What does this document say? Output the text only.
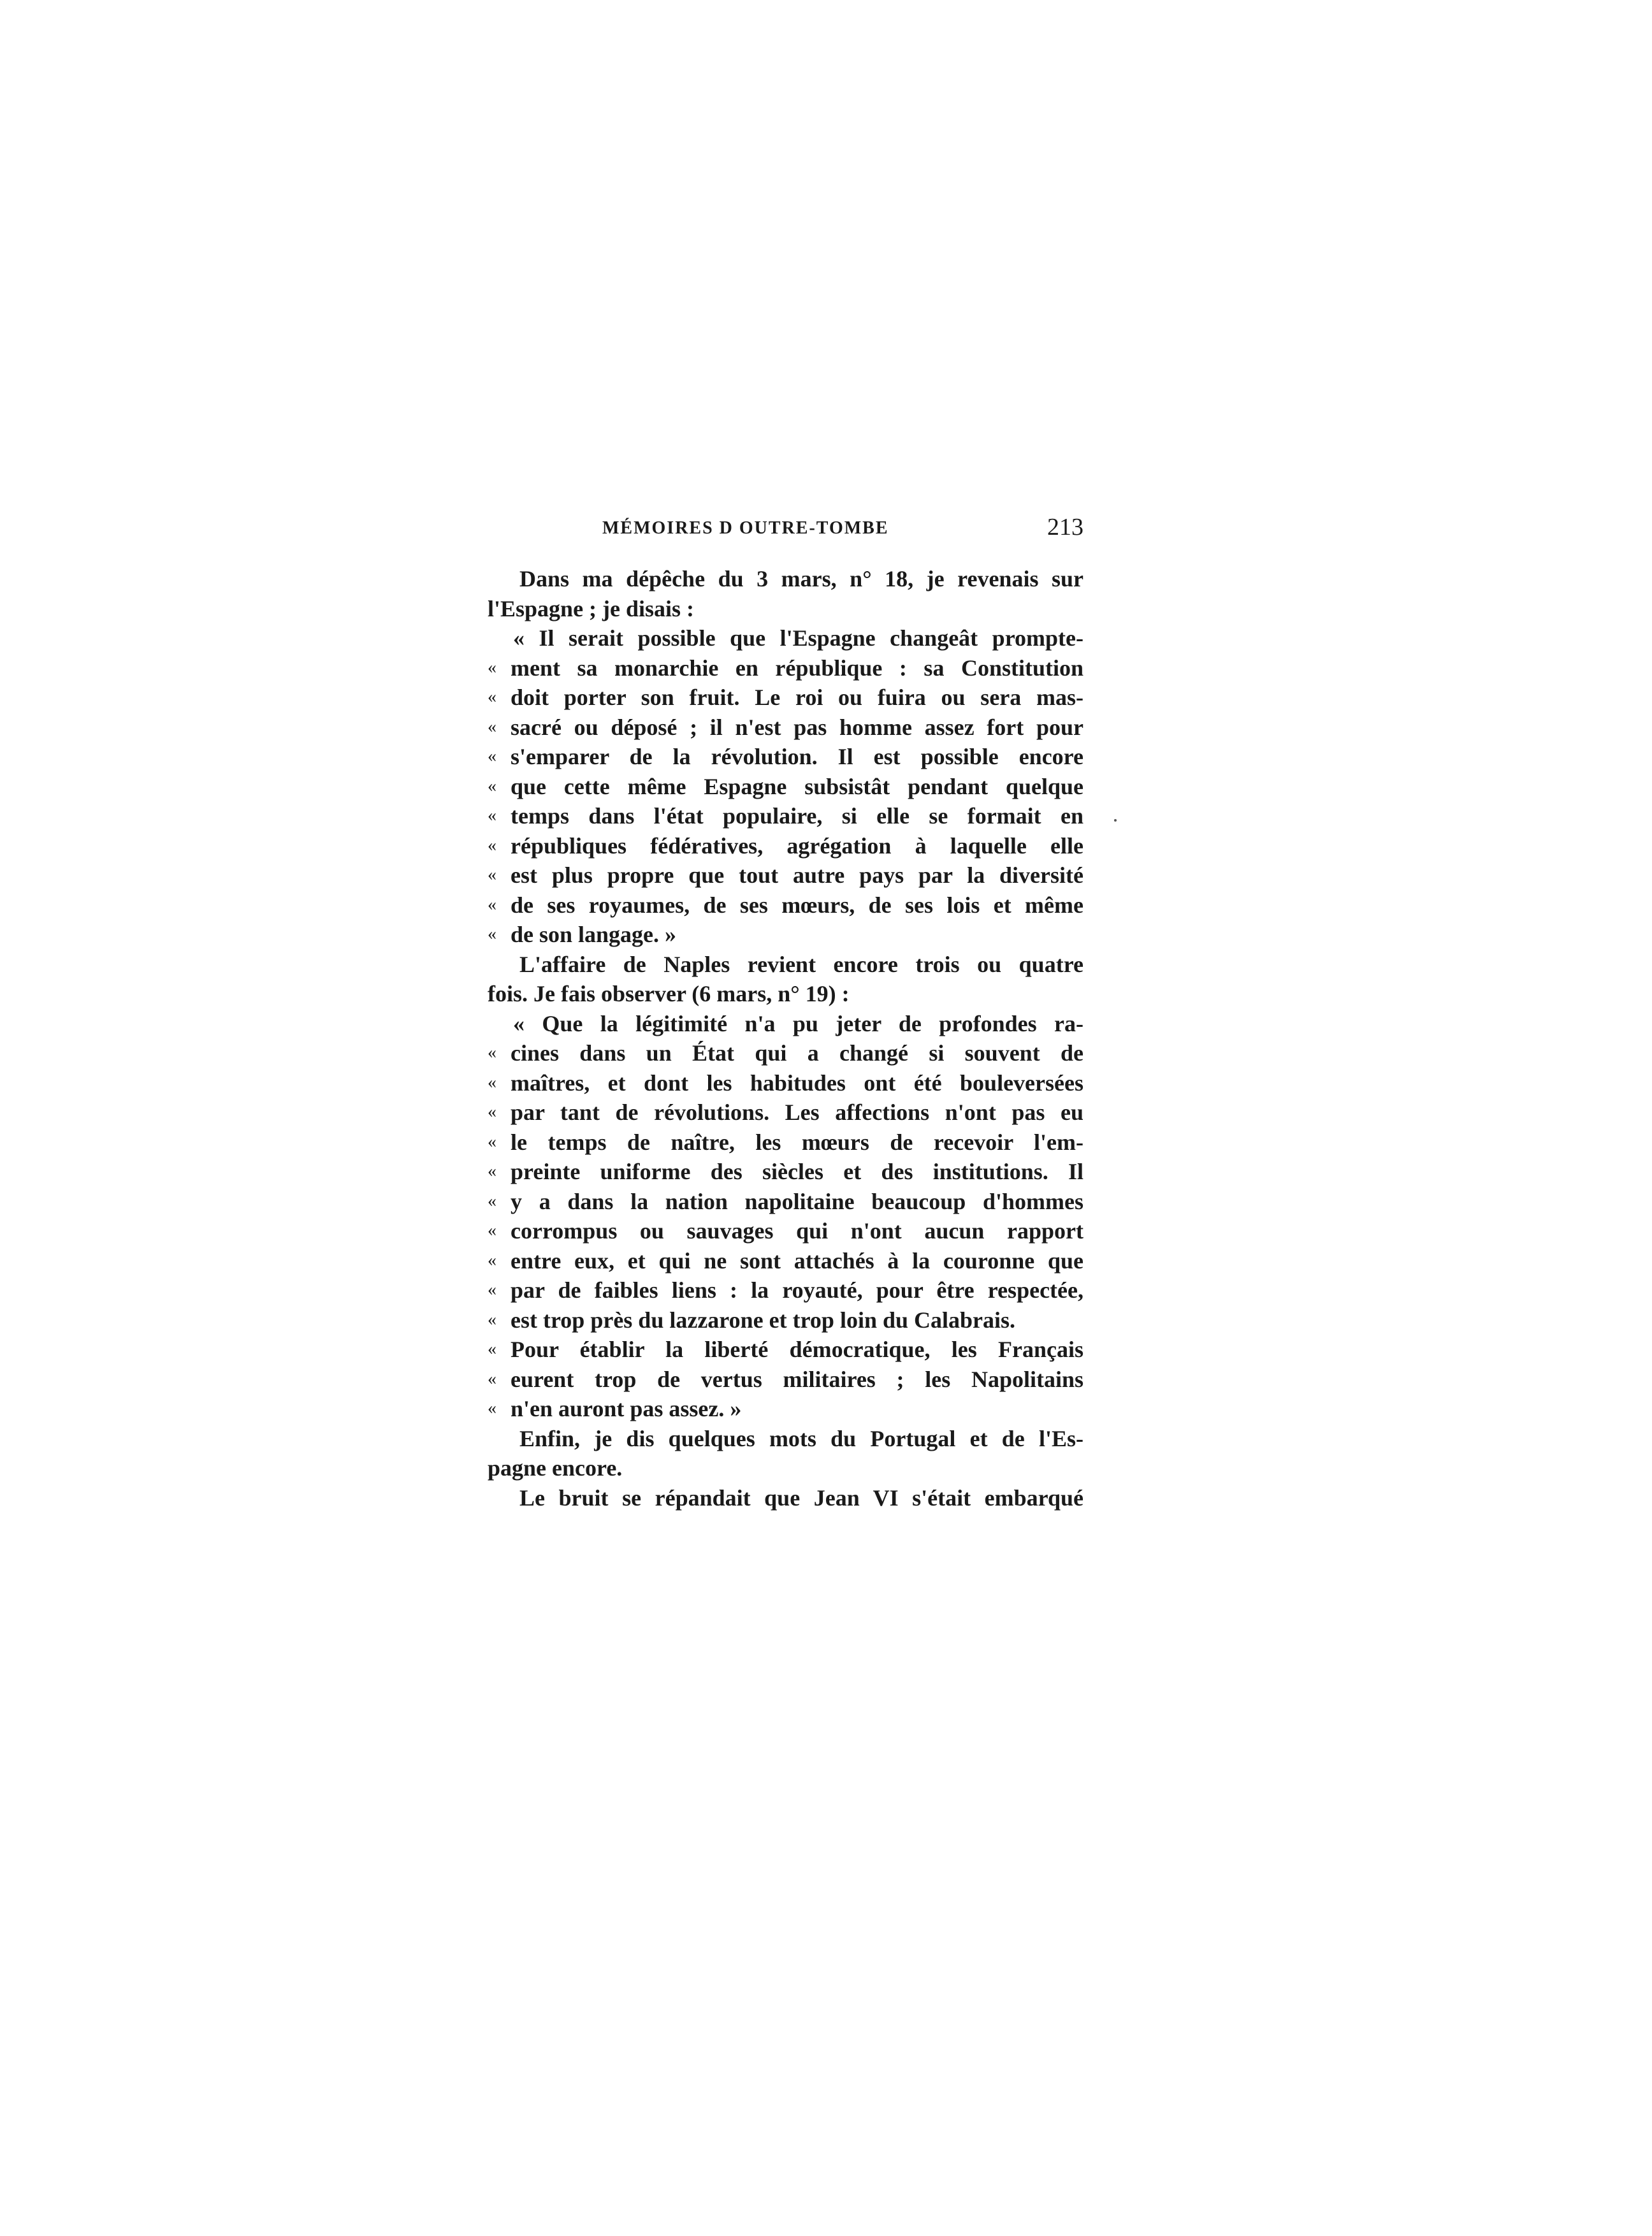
MÉMOIRES D OUTRE-TOMBE	213
Dans ma dépêche du 3 mars, n° 18, je revenais sur
l'Espagne ; je disais :
« Il serait possible que l'Espagne changeât prompte-
« ment sa monarchie en république : sa Constitution
« doit porter son fruit. Le roi ou fuira ou sera mas-
« sacré ou déposé ; il n'est pas homme assez fort pour
« s'emparer de la révolution. Il est possible encore
« que cette même Espagne subsistât pendant quelque
« temps dans l'état populaire, si elle se formait en
« républiques fédératives, agrégation à laquelle elle
« est plus propre que tout autre pays par la diversité
« de ses royaumes, de ses mœurs, de ses lois et même
« de son langage. »
L'affaire de Naples revient encore trois ou quatre
fois. Je fais observer (6 mars, n° 19) :
« Que la légitimité n'a pu jeter de profondes ra-
« cines dans un État qui a changé si souvent de
« maîtres, et dont les habitudes ont été bouleversées
« par tant de révolutions. Les affections n'ont pas eu
« le temps de naître, les mœurs de recevoir l'em-
« preinte uniforme des siècles et des institutions. Il
« y a dans la nation napolitaine beaucoup d'hommes
« corrompus ou sauvages qui n'ont aucun rapport
« entre eux, et qui ne sont attachés à la couronne que
« par de faibles liens : la royauté, pour être respectée,
« est trop près du lazzarone et trop loin du Calabrais.
« Pour établir la liberté démocratique, les Français
« eurent trop de vertus militaires ; les Napolitains
« n'en auront pas assez. »
Enfin, je dis quelques mots du Portugal et de l'Es-
pagne encore.
Le bruit se répandait que Jean VI s'était embarqué
